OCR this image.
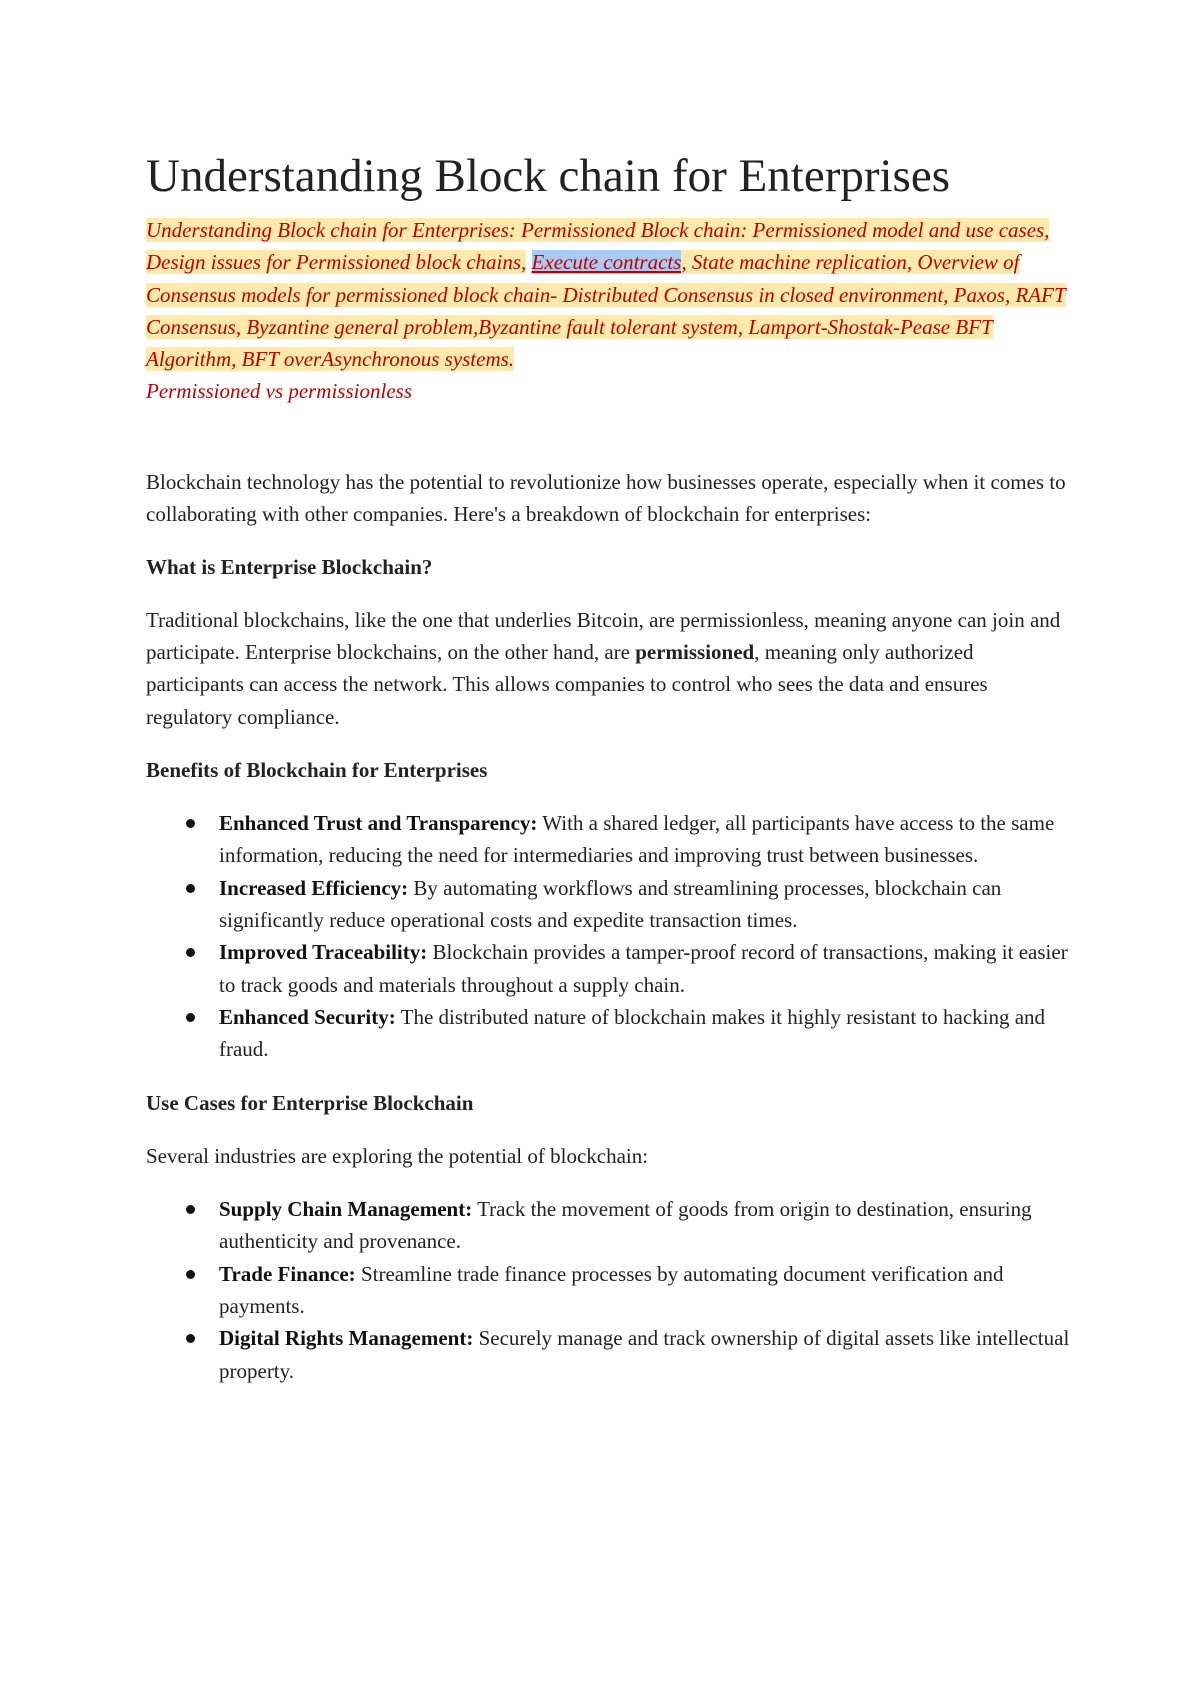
Understanding Block chain for Enterprises

Understanding Block chain for Enterprises: Permissioned Block chain: Permissioned model and use cases, Design issues for Permissioned block chains, Execute contracts, State machine replication, Overview of Consensus models for permissioned block chain- Distributed Consensus in closed environment, Paxos, RAFT Consensus, Byzantine general problem,Byzantine fault tolerant system, Lamport-Shostak-Pease BFT Algorithm, BFT overAsynchronous systems.

Permissioned vs permissionless

Blockchain technology has the potential to revolutionize how businesses operate, especially when it comes to collaborating with other companies. Here's a breakdown of blockchain for enterprises:

What is Enterprise Blockchain?

Traditional blockchains, like the one that underlies Bitcoin, are permissionless, meaning anyone can join and participate. Enterprise blockchains, on the other hand, are permissioned, meaning only authorized participants can access the network. This allows companies to control who sees the data and ensures regulatory compliance.

Benefits of Blockchain for Enterprises

Enhanced Trust and Transparency: With a shared ledger, all participants have access to the same information, reducing the need for intermediaries and improving trust between businesses.
Increased Efficiency: By automating workflows and streamlining processes, blockchain can significantly reduce operational costs and expedite transaction times.
Improved Traceability: Blockchain provides a tamper-proof record of transactions, making it easier to track goods and materials throughout a supply chain.
Enhanced Security: The distributed nature of blockchain makes it highly resistant to hacking and fraud.

Use Cases for Enterprise Blockchain

Several industries are exploring the potential of blockchain:

Supply Chain Management: Track the movement of goods from origin to destination, ensuring authenticity and provenance.
Trade Finance: Streamline trade finance processes by automating document verification and payments.
Digital Rights Management: Securely manage and track ownership of digital assets like intellectual property.
